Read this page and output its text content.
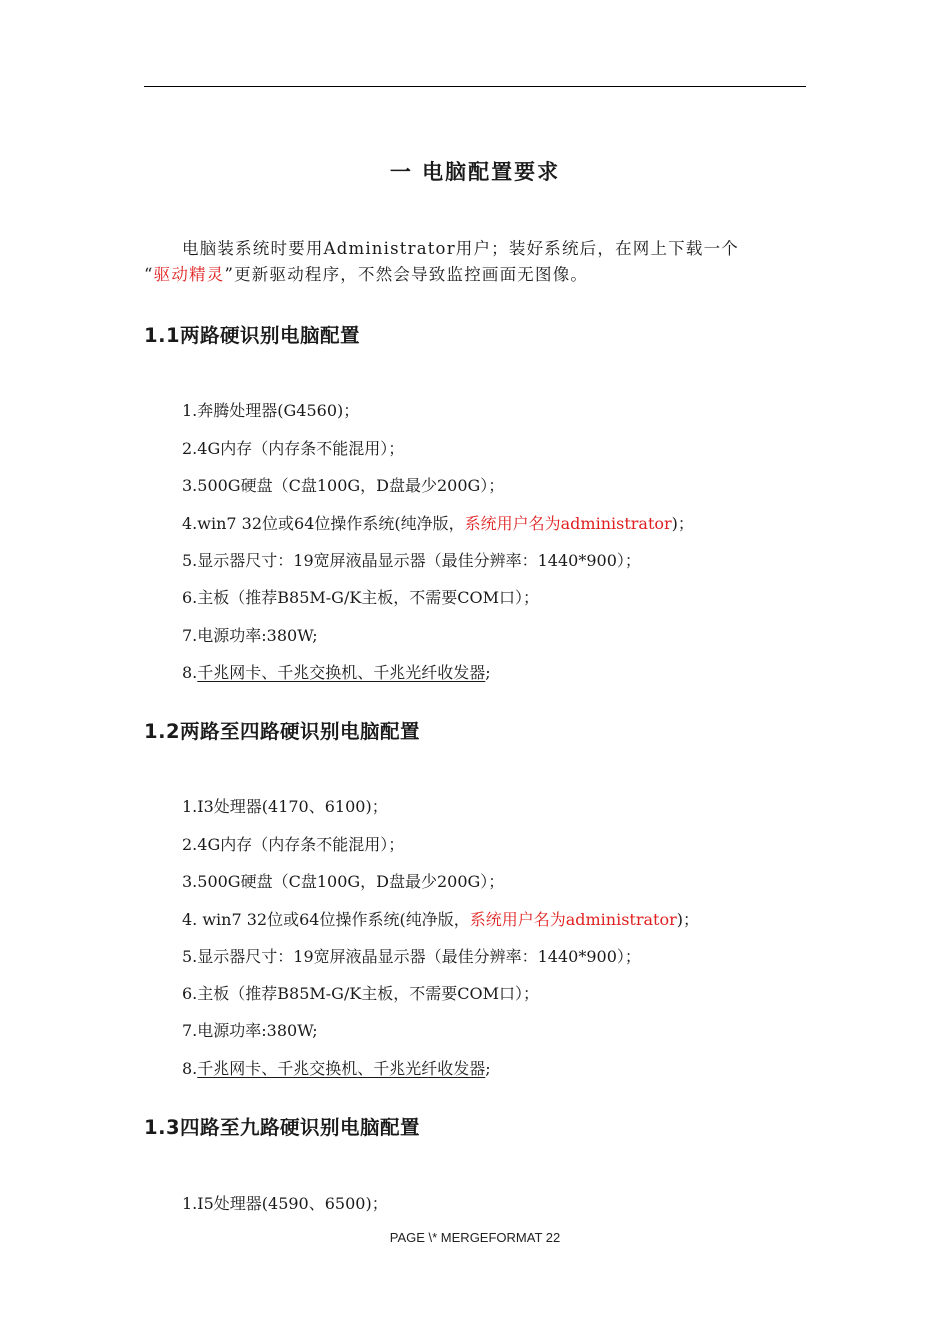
一 电脑配置要求
电脑装系统时要用Administrator用户；装好系统后，在网上下载一个
“驱动精灵”更新驱动程序，不然会导致监控画面无图像。
1.1两路硬识别电脑配置
1.奔腾处理器(G4560)；
2.4G内存（内存条不能混用）；
3.500G硬盘（C盘100G，D盘最少200G）；
4.win7 32位或64位操作系统(纯净版，系统用户名为administrator)；
5.显示器尺寸：19宽屏液晶显示器（最佳分辨率：1440*900）；
6.主板（推荐B85M-G/K主板，不需要COM口）；
7.电源功率:380W;
8.千兆网卡、千兆交换机、千兆光纤收发器;
1.2两路至四路硬识别电脑配置
1.I3处理器(4170、6100)；
2.4G内存（内存条不能混用）；
3.500G硬盘（C盘100G，D盘最少200G）；
4. win7 32位或64位操作系统(纯净版，系统用户名为administrator)；
5.显示器尺寸：19宽屏液晶显示器（最佳分辨率：1440*900）；
6.主板（推荐B85M-G/K主板，不需要COM口）；
7.电源功率:380W;
8.千兆网卡、千兆交换机、千兆光纤收发器;
1.3四路至九路硬识别电脑配置
1.I5处理器(4590、6500)；
PAGE \* MERGEFORMAT 22
